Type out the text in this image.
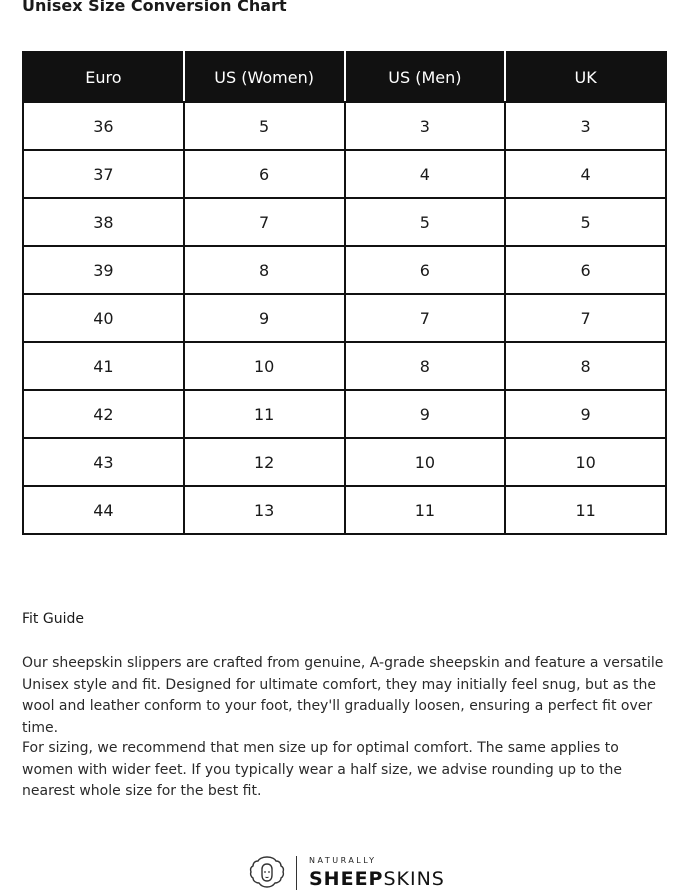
Unisex Size Conversion Chart
Euro	US (Women)	US (Men)	UK
36	5	3	3
37	6	4	4
38	7	5	5
39	8	6	6
40	9	7	7
41	10	8	8
42	11	9	9
43	12	10	10
44	13	11	11
Fit Guide

Our sheepskin slippers are crafted from genuine, A-grade sheepskin and feature a versatile Unisex style and fit. Designed for ultimate comfort, they may initially feel snug, but as the wool and leather conform to your foot, they'll gradually loosen, ensuring a perfect fit over time.

For sizing, we recommend that men size up for optimal comfort. The same applies to women with wider feet. If you typically wear a half size, we advise rounding up to the nearest whole size for the best fit.

NATURALLY
SHEEPSKINS
